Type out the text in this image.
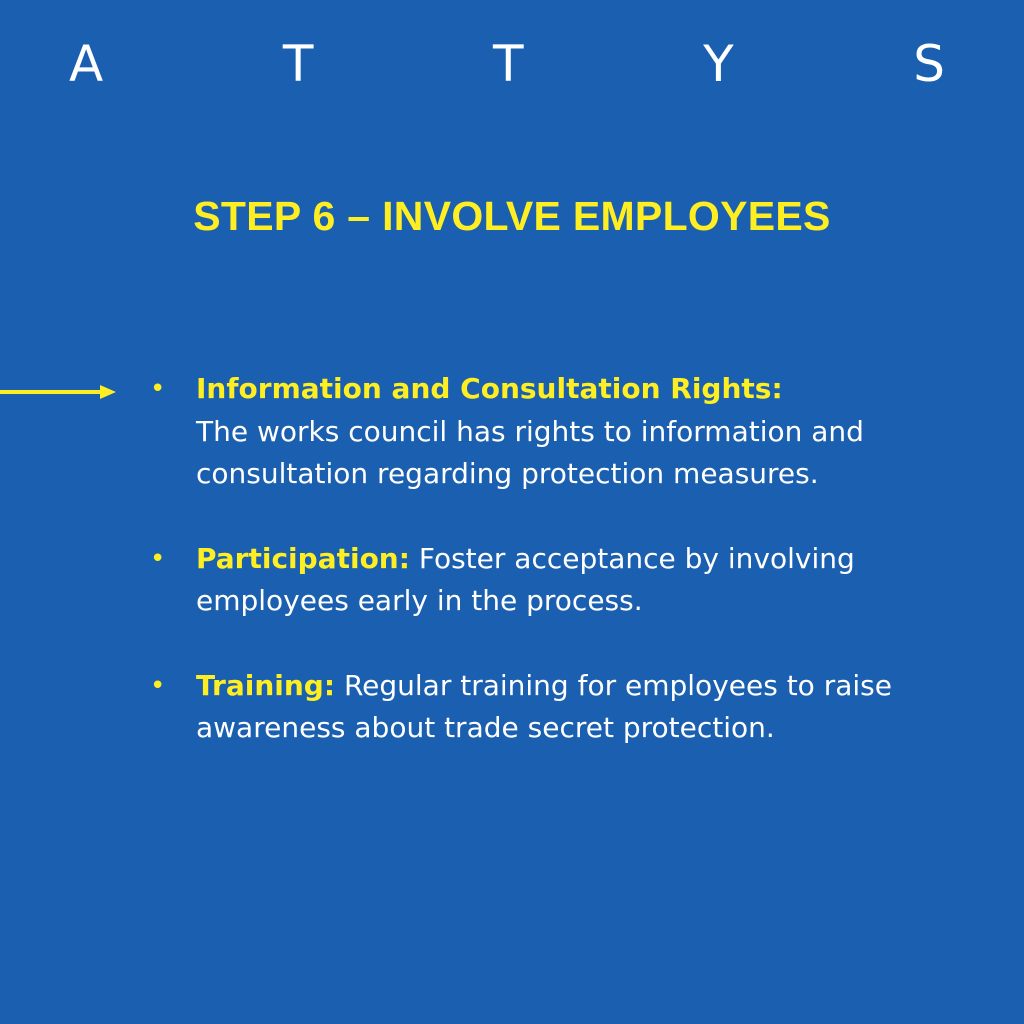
A	T	T	Y	S
STEP 6 – INVOLVE EMPLOYEES
• Information and Consultation Rights:
The works council has rights to information and consultation regarding protection measures.
• Participation: Foster acceptance by involving employees early in the process.
• Training: Regular training for employees to raise awareness about trade secret protection.
